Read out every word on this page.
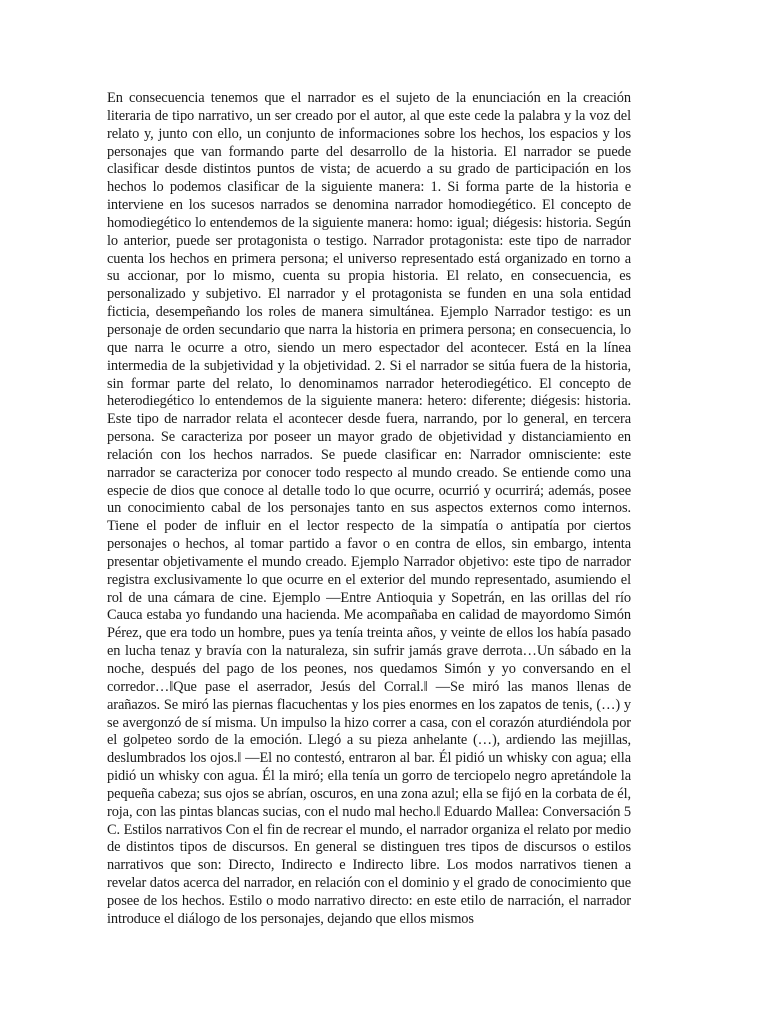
En consecuencia tenemos que el narrador es el sujeto de la enunciación en la creación literaria de tipo narrativo, un ser creado por el autor, al que este cede la palabra y la voz del relato y, junto con ello, un conjunto de informaciones sobre los hechos, los espacios y los personajes que van formando parte del desarrollo de la historia. El narrador se puede clasificar desde distintos puntos de vista; de acuerdo a su grado de participación en los hechos lo podemos clasificar de la siguiente manera: 1. Si forma parte de la historia e interviene en los sucesos narrados se denomina narrador homodiegético. El concepto de homodiegético lo entendemos de la siguiente manera: homo: igual; diégesis: historia. Según lo anterior, puede ser protagonista o testigo. Narrador protagonista: este tipo de narrador cuenta los hechos en primera persona; el universo representado está organizado en torno a su accionar, por lo mismo, cuenta su propia historia. El relato, en consecuencia, es personalizado y subjetivo. El narrador y el protagonista se funden en una sola entidad ficticia, desempeñando los roles de manera simultánea. Ejemplo Narrador testigo: es un personaje de orden secundario que narra la historia en primera persona; en consecuencia, lo que narra le ocurre a otro, siendo un mero espectador del acontecer. Está en la línea intermedia de la subjetividad y la objetividad. 2. Si el narrador se sitúa fuera de la historia, sin formar parte del relato, lo denominamos narrador heterodiegético. El concepto de heterodiegético lo entendemos de la siguiente manera: hetero: diferente; diégesis: historia. Este tipo de narrador relata el acontecer desde fuera, narrando, por lo general, en tercera persona. Se caracteriza por poseer un mayor grado de objetividad y distanciamiento en relación con los hechos narrados. Se puede clasificar en: Narrador omnisciente: este narrador se caracteriza por conocer todo respecto al mundo creado. Se entiende como una especie de dios que conoce al detalle todo lo que ocurre, ocurrió y ocurrirá; además, posee un conocimiento cabal de los personajes tanto en sus aspectos externos como internos. Tiene el poder de influir en el lector respecto de la simpatía o antipatía por ciertos personajes o hechos, al tomar partido a favor o en contra de ellos, sin embargo, intenta presentar objetivamente el mundo creado. Ejemplo Narrador objetivo: este tipo de narrador registra exclusivamente lo que ocurre en el exterior del mundo representado, asumiendo el rol de una cámara de cine. Ejemplo —Entre Antioquia y Sopetrán, en las orillas del río Cauca estaba yo fundando una hacienda. Me acompañaba en calidad de mayordomo Simón Pérez, que era todo un hombre, pues ya tenía treinta años, y veinte de ellos los había pasado en lucha tenaz y bravía con la naturaleza, sin sufrir jamás grave derrota…Un sábado en la noche, después del pago de los peones, nos quedamos Simón y yo conversando en el corredor…‖Que pase el aserrador, Jesús del Corral.‖ —Se miró las manos llenas de arañazos. Se miró las piernas flacuchentas y los pies enormes en los zapatos de tenis, (…) y se avergonzó de sí misma. Un impulso la hizo correr a casa, con el corazón aturdiéndola por el golpeteo sordo de la emoción. Llegó a su pieza anhelante (…), ardiendo las mejillas, deslumbrados los ojos.‖ —El no contestó, entraron al bar. Él pidió un whisky con agua; ella pidió un whisky con agua. Él la miró; ella tenía un gorro de terciopelo negro apretándole la pequeña cabeza; sus ojos se abrían, oscuros, en una zona azul; ella se fijó en la corbata de él, roja, con las pintas blancas sucias, con el nudo mal hecho.‖ Eduardo Mallea: Conversación 5 C. Estilos narrativos Con el fin de recrear el mundo, el narrador organiza el relato por medio de distintos tipos de discursos. En general se distinguen tres tipos de discursos o estilos narrativos que son: Directo, Indirecto e Indirecto libre. Los modos narrativos tienen a revelar datos acerca del narrador, en relación con el dominio y el grado de conocimiento que posee de los hechos. Estilo o modo narrativo directo: en este etilo de narración, el narrador introduce el diálogo de los personajes, dejando que ellos mismos
